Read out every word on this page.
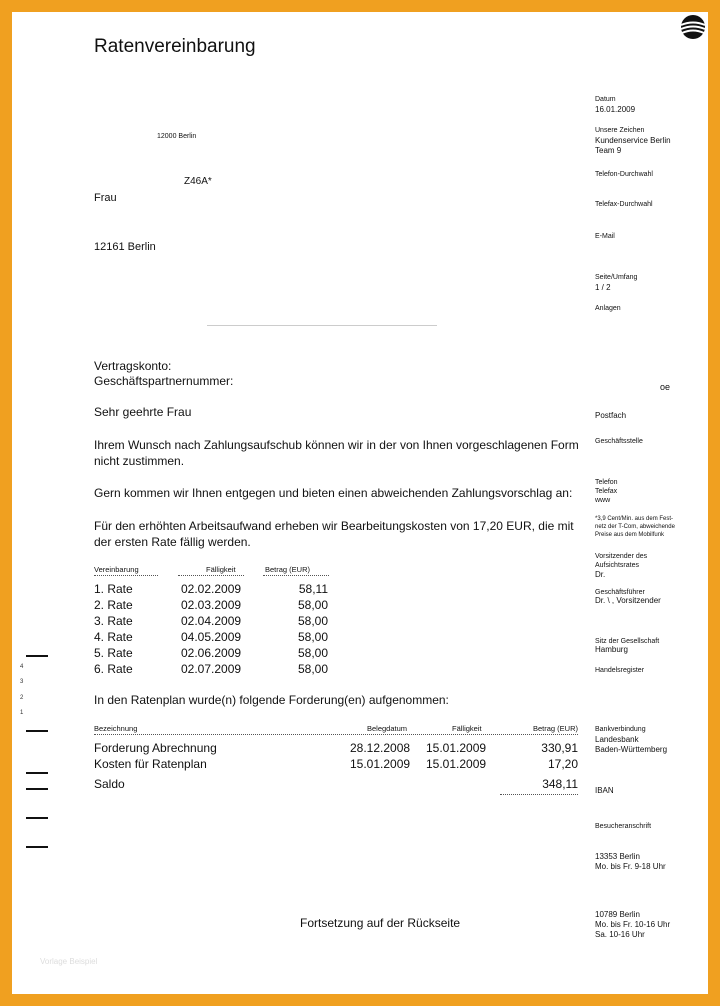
Ratenvereinbarung
12000 Berlin
Z46A*
Frau
12161 Berlin
Datum
16.01.2009
Unsere Zeichen
Kundenservice Berlin
Team 9
Telefon-Durchwahl
Telefax-Durchwahl
E-Mail
Seite/Umfang
1 / 2
Anlagen
oe
Postfach
Geschäftsstelle
Telefon
Telefax
www
*3,9 Cent/Min. aus dem Fest-
netz der T-Com, abweichende
Preise aus dem Mobilfunk
Vorsitzender des
Aufsichtsrates
Dr.
Geschäftsführer
Dr. \ , Vorsitzender
Sitz der Gesellschaft
Hamburg
Handelsregister
Bankverbindung
Landesbank
Baden-Württemberg
IBAN
Besucheranschrift
13353 Berlin
Mo. bis Fr. 9-18 Uhr
10789 Berlin
Mo. bis Fr. 10-16 Uhr
Sa. 10-16 Uhr
Vertragskonto:
Geschäftspartnernummer:
Sehr geehrte Frau
Ihrem Wunsch nach Zahlungsaufschub können wir in der von Ihnen vorgeschlagenen Form nicht zustimmen.
Gern kommen wir Ihnen entgegen und bieten einen abweichenden Zahlungsvorschlag an:
Für den erhöhten Arbeitsaufwand erheben wir Bearbeitungskosten von 17,20 EUR, die mit der ersten Rate fällig werden.
Vereinbarung	Fälligkeit	Betrag (EUR)
1. Rate	02.02.2009	58,11
2. Rate	02.03.2009	58,00
3. Rate	02.04.2009	58,00
4. Rate	04.05.2009	58,00
5. Rate	02.06.2009	58,00
6. Rate	02.07.2009	58,00
In den Ratenplan wurde(n) folgende Forderung(en) aufgenommen:
Bezeichnung	Belegdatum	Fälligkeit	Betrag (EUR)
Forderung Abrechnung	28.12.2008 15.01.2009	330,91
Kosten für Ratenplan	15.01.2009 15.01.2009	17,20
Saldo	348,11
Fortsetzung auf der Rückseite
4
3
2
1
Vorlage Beispiel
